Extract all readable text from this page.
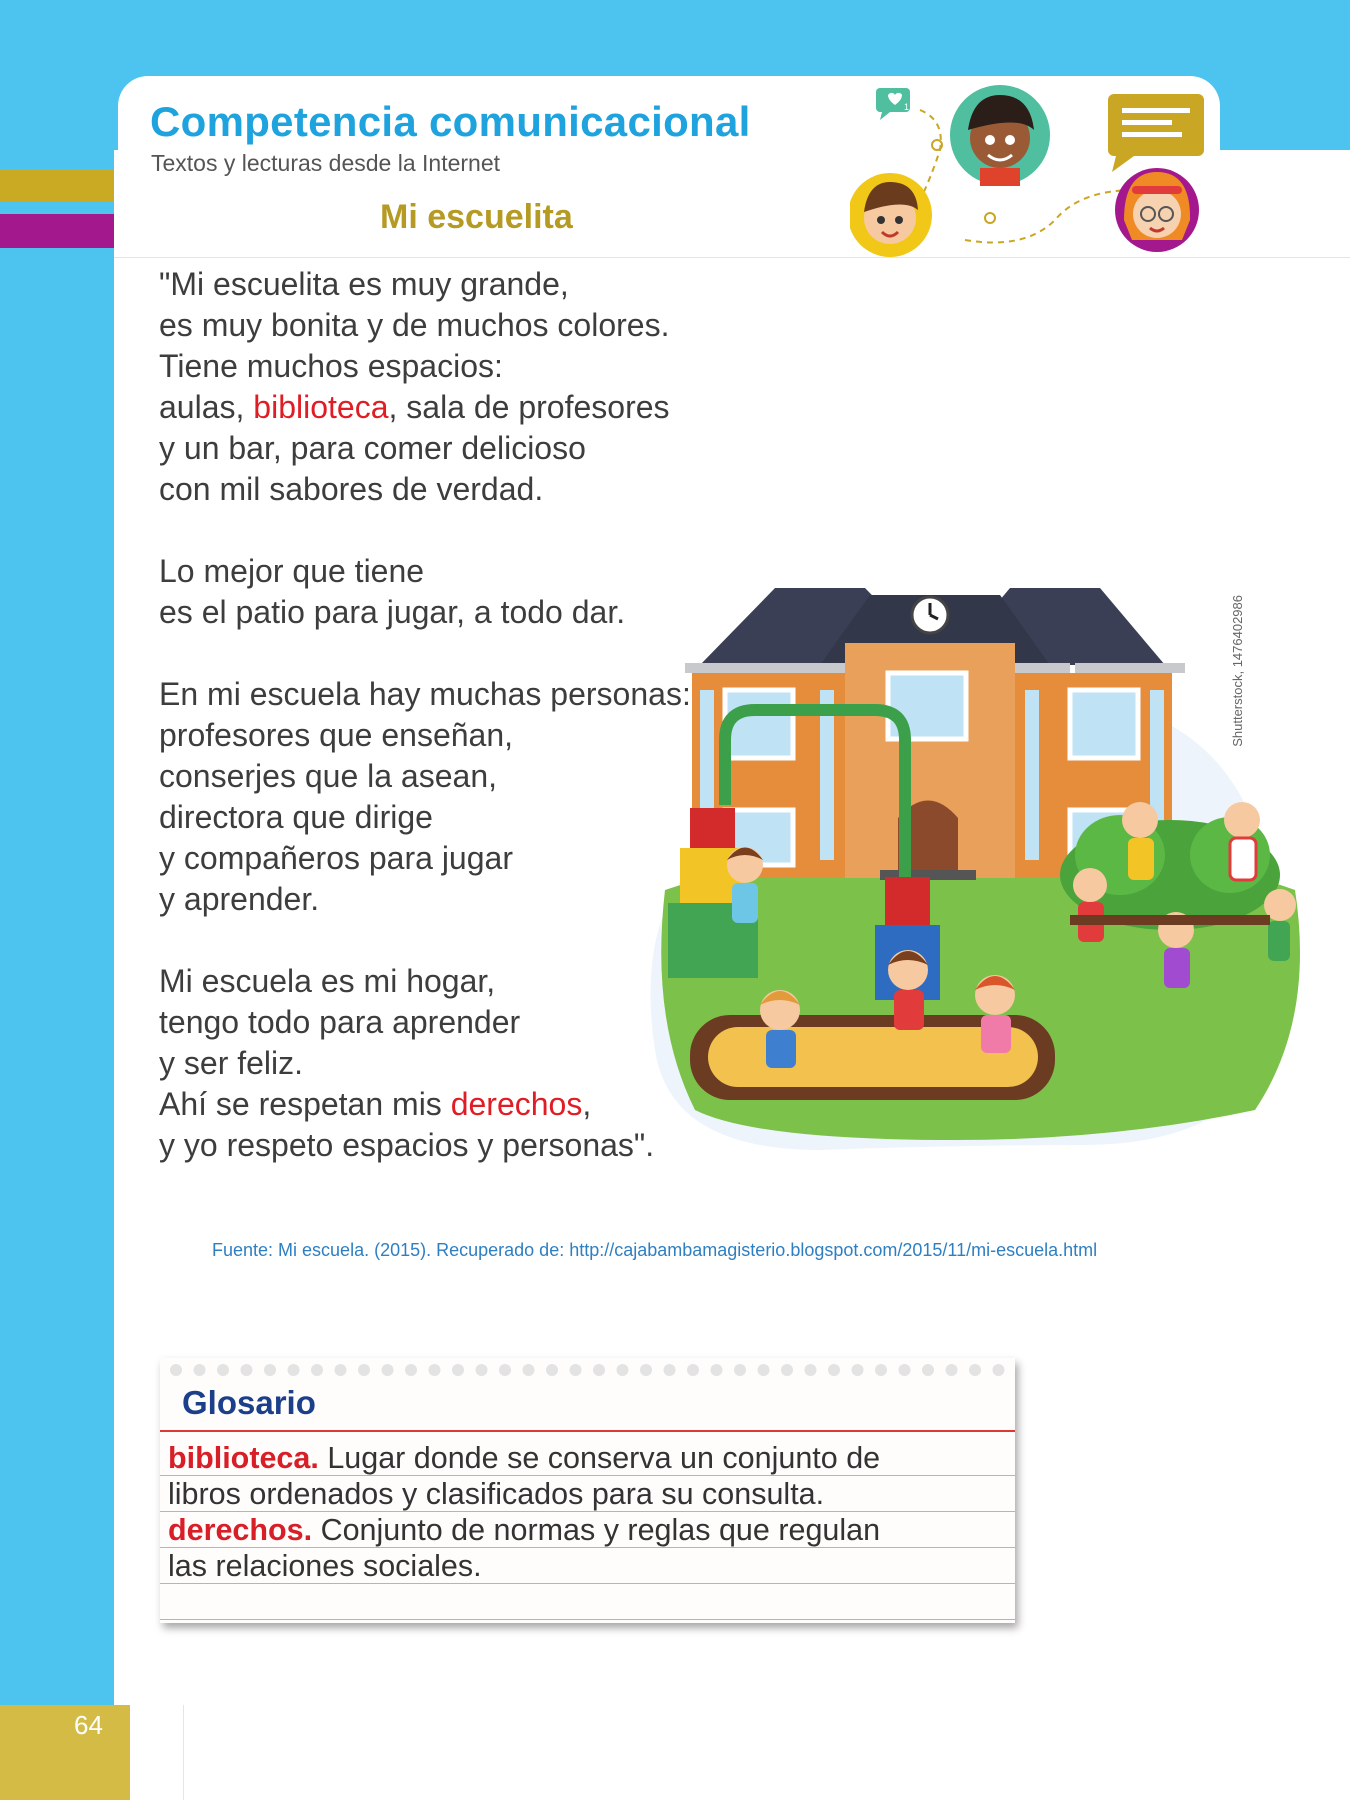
64
Competencia comunicacional
Textos y lecturas desde la Internet
Mi escuelita
1
"Mi escuelita es muy grande,
es muy bonita y de muchos colores.
Tiene muchos espacios:
aulas, biblioteca, sala de profesores
y un bar, para comer delicioso
con mil sabores de verdad.
Lo mejor que tiene
es el patio para jugar, a todo dar.
En mi escuela hay muchas personas:
profesores que enseñan,
conserjes que la asean,
directora que dirige
y compañeros para jugar
y aprender.
Mi escuela es mi hogar,
tengo todo para aprender
y ser feliz.
Ahí se respetan mis derechos,
y yo respeto espacios y personas".
Shutterstock, 1476402986
Fuente: Mi escuela. (2015). Recuperado de: http://cajabambamagisterio.blogspot.com/2015/11/mi-escuela.html
Glosario
biblioteca. Lugar donde se conserva un conjunto de
libros ordenados y clasificados para su consulta.
derechos. Conjunto de normas y reglas que regulan
las relaciones sociales.
